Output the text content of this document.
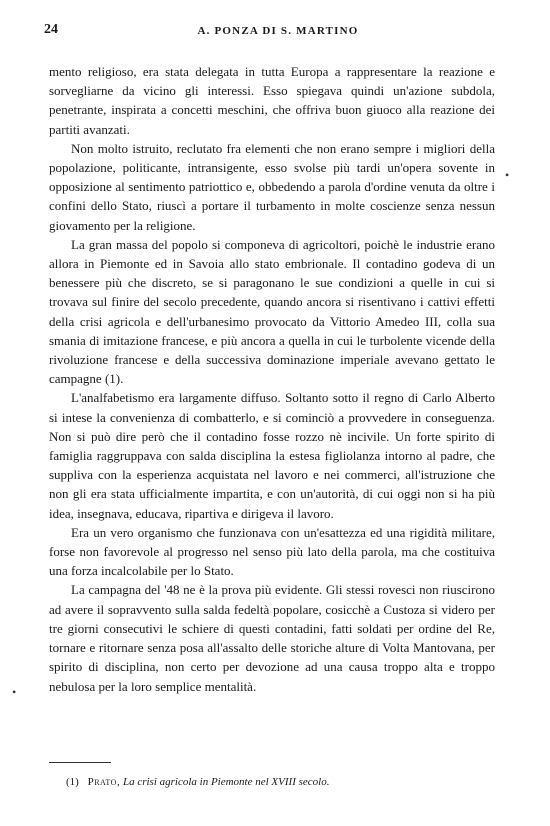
24	A. PONZA DI S. MARTINO

mento religioso, era stata delegata in tutta Europa a rappresentare la reazione e sorvegliarne da vicino gli interessi. Esso spiegava quindi un'azione subdola, penetrante, inspirata a concetti meschini, che offriva buon giuoco alla reazione dei partiti avanzati.

Non molto istruito, reclutato fra elementi che non erano sempre i migliori della popolazione, politicante, intransigente, esso svolse più tardi un'opera sovente in opposizione al sentimento patriottico e, obbedendo a parola d'ordine venuta da oltre i confini dello Stato, riuscì a portare il turbamento in molte coscienze senza nessun giovamento per la religione.

La gran massa del popolo si componeva di agricoltori, poichè le industrie erano allora in Piemonte ed in Savoia allo stato embrionale. Il contadino godeva di un benessere più che discreto, se si paragonano le sue condizioni a quelle in cui si trovava sul finire del secolo precedente, quando ancora si risentivano i cattivi effetti della crisi agricola e dell'urbanesimo provocato da Vittorio Amedeo III, colla sua smania di imitazione francese, e più ancora a quella in cui le turbolente vicende della rivoluzione francese e della successiva dominazione imperiale avevano gettato le campagne (1).

L'analfabetismo era largamente diffuso. Soltanto sotto il regno di Carlo Alberto si intese la convenienza di combatterlo, e si cominciò a provvedere in conseguenza. Non si può dire però che il contadino fosse rozzo nè incivile. Un forte spirito di famiglia raggruppava con salda disciplina la estesa figliolanza intorno al padre, che suppliva con la esperienza acquistata nel lavoro e nei commerci, all'istruzione che non gli era stata ufficialmente impartita, e con un'autorità, di cui oggi non si ha più idea, insegnava, educava, ripartiva e dirigeva il lavoro.

Era un vero organismo che funzionava con un'esattezza ed una rigidità militare, forse non favorevole al progresso nel senso più lato della parola, ma che costituiva una forza incalcolabile per lo Stato.

La campagna del '48 ne è la prova più evidente. Gli stessi rovesci non riuscirono ad avere il sopravvento sulla salda fedeltà popolare, cosicchè a Custoza si videro per tre giorni consecutivi le schiere di questi contadini, fatti soldati per ordine del Re, tornare e ritornare senza posa all'assalto delle storiche alture di Volta Mantovana, per spirito di disciplina, non certo per devozione ad una causa troppo alta e troppo nebulosa per la loro semplice mentalità.

•
•
(1) Prato, La crisi agricola in Piemonte nel XVIII secolo.
